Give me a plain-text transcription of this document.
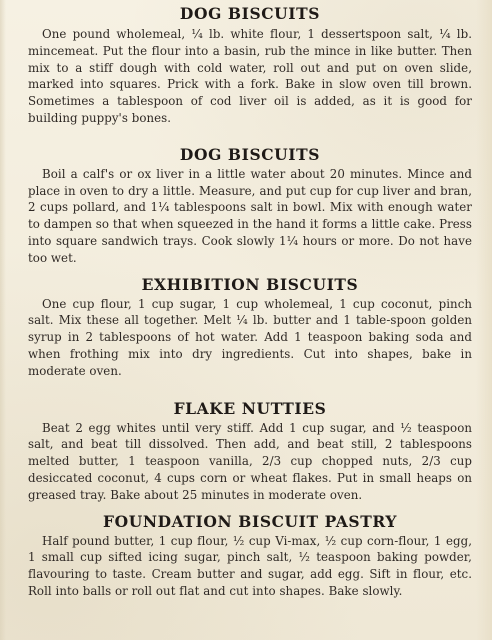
DOG BISCUITS

One pound wholemeal, ¼ lb. white flour, 1 dessertspoon salt, ¼ lb. mincemeat. Put the flour into a basin, rub the mince in like butter. Then mix to a stiff dough with cold water, roll out and put on oven slide, marked into squares. Prick with a fork. Bake in slow oven till brown. Sometimes a tablespoon of cod liver oil is added, as it is good for building puppy's bones.

DOG BISCUITS

Boil a calf's or ox liver in a little water about 20 minutes. Mince and place in oven to dry a little. Measure, and put cup for cup liver and bran, 2 cups pollard, and 1¼ tablespoons salt in bowl. Mix with enough water to dampen so that when squeezed in the hand it forms a little cake. Press into square sandwich trays. Cook slowly 1¼ hours or more. Do not have too wet.

EXHIBITION BISCUITS

One cup flour, 1 cup sugar, 1 cup wholemeal, 1 cup coconut, pinch salt. Mix these all together. Melt ¼ lb. butter and 1 table-spoon golden syrup in 2 tablespoons of hot water. Add 1 teaspoon baking soda and when frothing mix into dry ingredients. Cut into shapes, bake in moderate oven.

FLAKE NUTTIES

Beat 2 egg whites until very stiff. Add 1 cup sugar, and ½ teaspoon salt, and beat till dissolved. Then add, and beat still, 2 tablespoons melted butter, 1 teaspoon vanilla, 2/3 cup chopped nuts, 2/3 cup desiccated coconut, 4 cups corn or wheat flakes. Put in small heaps on greased tray. Bake about 25 minutes in moderate oven.

FOUNDATION BISCUIT PASTRY

Half pound butter, 1 cup flour, ½ cup Vi-max, ½ cup corn-flour, 1 egg, 1 small cup sifted icing sugar, pinch salt, ½ teaspoon baking powder, flavouring to taste. Cream butter and sugar, add egg. Sift in flour, etc. Roll into balls or roll out flat and cut into shapes. Bake slowly.
